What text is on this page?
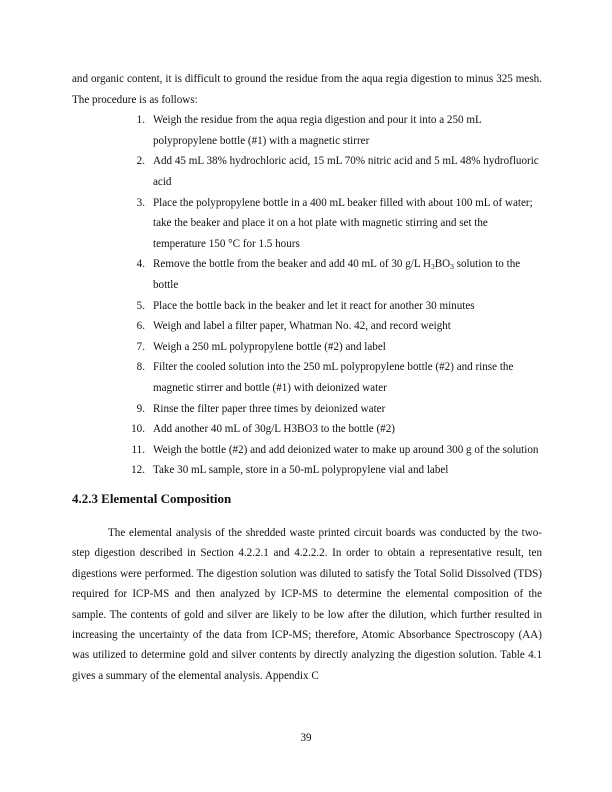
and organic content, it is difficult to ground the residue from the aqua regia digestion to minus 325 mesh. The procedure is as follows:

1. Weigh the residue from the aqua regia digestion and pour it into a 250 mL polypropylene bottle (#1) with a magnetic stirrer
2. Add 45 mL 38% hydrochloric acid, 15 mL 70% nitric acid and 5 mL 48% hydrofluoric acid
3. Place the polypropylene bottle in a 400 mL beaker filled with about 100 mL of water; take the beaker and place it on a hot plate with magnetic stirring and set the temperature 150 °C for 1.5 hours
4. Remove the bottle from the beaker and add 40 mL of 30 g/L $H_3BO_3$ solution to the bottle
5. Place the bottle back in the beaker and let it react for another 30 minutes
6. Weigh and label a filter paper, Whatman No. 42, and record weight
7. Weigh a 250 mL polypropylene bottle (#2) and label
8. Filter the cooled solution into the 250 mL polypropylene bottle (#2) and rinse the magnetic stirrer and bottle (#1) with deionized water
9. Rinse the filter paper three times by deionized water
10. Add another 40 mL of 30g/L H3BO3 to the bottle (#2)
11. Weigh the bottle (#2) and add deionized water to make up around 300 g of the solution
12. Take 30 mL sample, store in a 50-mL polypropylene vial and label
4.2.3 Elemental Composition

The elemental analysis of the shredded waste printed circuit boards was conducted by the two-step digestion described in Section 4.2.2.1 and 4.2.2.2. In order to obtain a representative result, ten digestions were performed. The digestion solution was diluted to satisfy the Total Solid Dissolved (TDS) required for ICP-MS and then analyzed by ICP-MS to determine the elemental composition of the sample. The contents of gold and silver are likely to be low after the dilution, which further resulted in increasing the uncertainty of the data from ICP-MS; therefore, Atomic Absorbance Spectroscopy (AA) was utilized to determine gold and silver contents by directly analyzing the digestion solution. Table 4.1 gives a summary of the elemental analysis. Appendix C

39
